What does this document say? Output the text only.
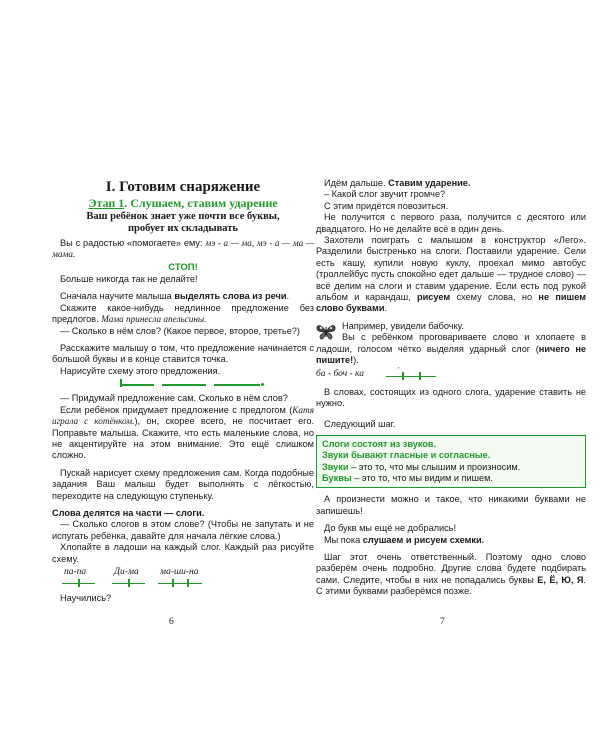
I. Готовим снаряжение
Этап 1. Слушаем, ставим ударение
Ваш ребёнок знает уже почти все буквы,
пробует их складывать

Вы с радостью «помогаете» ему: мэ - а — ма, мэ - а — ма — мама.

СТОП!

Больше никогда так не делайте!

Сначала научите малыша выделять слова из речи.

Скажите какое-нибудь недлинное предложение без предлогов. Мама принесла апельсины.

— Сколько в нём слов? (Какое первое, второе, третье?)

Расскажите малышу о том, что предложение начинается с большой буквы и в конце ставится точка.

Нарисуйте схему этого предложения.

— Придумай предложение сам. Сколько в нём слов?

Если ребёнок придумает предложение с предлогом (Катя играла с котёнком.), он, скорее всего, не посчитает его. Поправьте малыша. Скажите, что есть маленькие слова, но не акцентируйте на этом внимание. Это ещё слишком сложно.

Пускай нарисует схему предложения сам. Когда подобные задания Ваш малыш будет выполнять с лёгкостью, переходите на следующую ступеньку.

Слова делятся на части — слоги.

— Сколько слогов в этом слове? (Чтобы не запутать и не испугать ребёнка, давайте для начала лёгкие слова.)

Хлопайте в ладоши на каждый слог. Каждый раз рисуйте схему.

па-па	Ди-ма ма-ши-на

Научились?

6

Идём дальше. Ставим ударение.

– Какой слог звучит громче?

С этим придётся повозиться.

Не получится с первого раза, получится с десятого или двадцатого. Но не делайте всё в один день.

Захотели поиграть с малышом в конструктор «Лего». Разделили быстренько на слоги. Поставили ударение. Сели есть кашу, купили новую куклу, проехал мимо автобус (троллейбус пусть спокойно едет дальше — трудное слово) — всё делим на слоги и ставим ударение. Если есть под рукой альбом и карандаш, рисуем схему слова, но не пишем слово буквами.

Например, увидели бабочку.

Вы с ребёнком проговариваете слово и хлопаете в ладоши, голосом чётко выделяя ударный слог (ничего не пишите!).

ба - боч - ка	ˊ

В словах, состоящих из одного слога, ударение ставить не нужно.

Следующий шаг.

Слоги состоят из звуков.

Звуки бывают гласные и согласные.

Звуки – это то, что мы слышим и произносим.

Буквы – это то, что мы видим и пишем.

А произнести можно и такое, что никакими буквами не запишешь!

До букв мы ещё не добрались!

Мы пока слушаем и рисуем схемки.

Шаг этот очень ответственный. Поэтому одно слово разберём очень подробно. Другие слова будете подбирать сами. Следите, чтобы в них не попадались буквы Е, Ё, Ю, Я. С этими буквами разберёмся позже.

7
